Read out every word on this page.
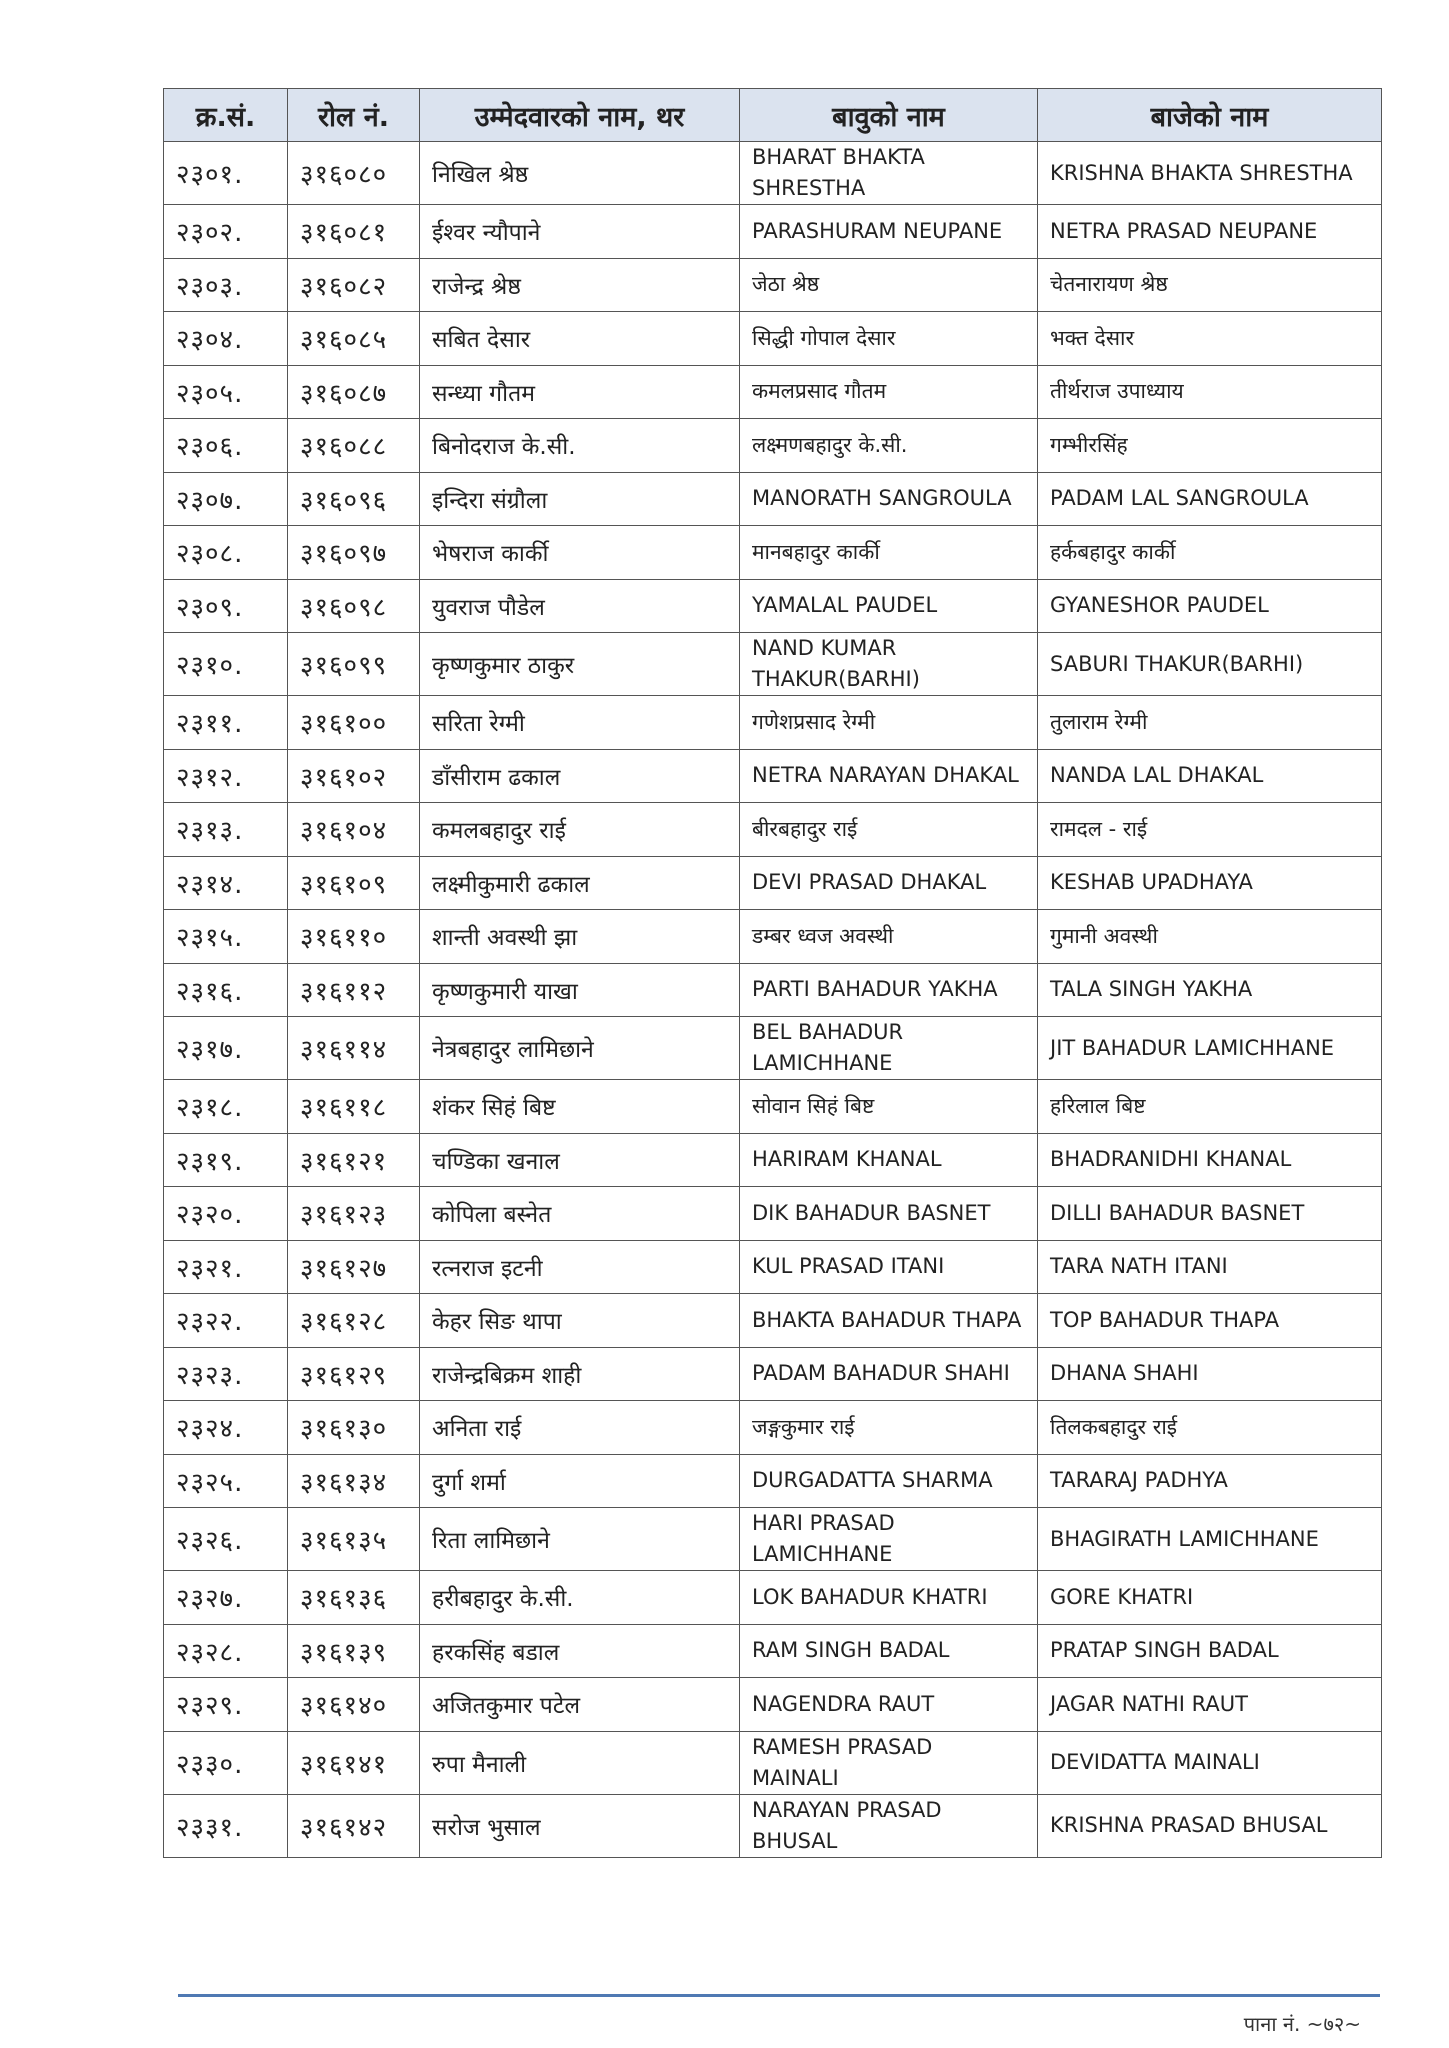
क्र.सं.	रोल नं.	उम्मेदवारको नाम, थर	बावुको नाम	बाजेको नाम
२३०१.	३१६०८०	निखिल श्रेष्ठ	BHARAT BHAKTA SHRESTHA	KRISHNA BHAKTA SHRESTHA
२३०२.	३१६०८१	ईश्वर न्यौपाने	PARASHURAM NEUPANE	NETRA PRASAD NEUPANE
२३०३.	३१६०८२	राजेन्द्र श्रेष्ठ	जेठा श्रेष्ठ	चेतनारायण श्रेष्ठ
२३०४.	३१६०८५	सबित देसार	सिद्धी गोपाल देसार	भक्त देसार
२३०५.	३१६०८७	सन्ध्या गौतम	कमलप्रसाद गौतम	तीर्थराज उपाध्याय
२३०६.	३१६०८८	बिनोदराज के.सी.	लक्ष्मणबहादुर के.सी.	गम्भीरसिंह
२३०७.	३१६०९६	इन्दिरा संग्रौला	MANORATH SANGROULA	PADAM LAL SANGROULA
२३०८.	३१६०९७	भेषराज कार्की	मानबहादुर कार्की	हर्कबहादुर कार्की
२३०९.	३१६०९८	युवराज पौडेल	YAMALAL PAUDEL	GYANESHOR PAUDEL
२३१०.	३१६०९९	कृष्णकुमार ठाकुर	NAND KUMAR THAKUR(BARHI)	SABURI THAKUR(BARHI)
२३११.	३१६१००	सरिता रेग्मी	गणेशप्रसाद रेग्मी	तुलाराम रेग्मी
२३१२.	३१६१०२	डाँसीराम ढकाल	NETRA NARAYAN DHAKAL	NANDA LAL DHAKAL
२३१३.	३१६१०४	कमलबहादुर राई	बीरबहादुर राई	रामदल - राई
२३१४.	३१६१०९	लक्ष्मीकुमारी ढकाल	DEVI PRASAD DHAKAL	KESHAB UPADHAYA
२३१५.	३१६११०	शान्ती अवस्थी झा	डम्बर ध्वज अवस्थी	गुमानी अवस्थी
२३१६.	३१६११२	कृष्णकुमारी याखा	PARTI BAHADUR YAKHA	TALA SINGH YAKHA
२३१७.	३१६११४	नेत्रबहादुर लामिछाने	BEL BAHADUR LAMICHHANE	JIT BAHADUR LAMICHHANE
२३१८.	३१६११८	शंकर सिहं बिष्ट	सोवान सिहं बिष्ट	हरिलाल बिष्ट
२३१९.	३१६१२१	चण्डिका खनाल	HARIRAM KHANAL	BHADRANIDHI KHANAL
२३२०.	३१६१२३	कोपिला बस्नेत	DIK BAHADUR BASNET	DILLI BAHADUR BASNET
२३२१.	३१६१२७	रत्नराज इटनी	KUL PRASAD ITANI	TARA NATH ITANI
२३२२.	३१६१२८	केहर सिङ थापा	BHAKTA BAHADUR THAPA	TOP BAHADUR THAPA
२३२३.	३१६१२९	राजेन्द्रबिक्रम शाही	PADAM BAHADUR SHAHI	DHANA SHAHI
२३२४.	३१६१३०	अनिता राई	जङ्गकुमार राई	तिलकबहादुर राई
२३२५.	३१६१३४	दुर्गा शर्मा	DURGADATTA SHARMA	TARARAJ PADHYA
२३२६.	३१६१३५	रिता लामिछाने	HARI PRASAD LAMICHHANE	BHAGIRATH LAMICHHANE
२३२७.	३१६१३६	हरीबहादुर के.सी.	LOK BAHADUR KHATRI	GORE KHATRI
२३२८.	३१६१३९	हरकसिंह बडाल	RAM SINGH BADAL	PRATAP SINGH BADAL
२३२९.	३१६१४०	अजितकुमार पटेल	NAGENDRA RAUT	JAGAR NATHI RAUT
२३३०.	३१६१४१	रुपा मैनाली	RAMESH PRASAD MAINALI	DEVIDATTA MAINALI
२३३१.	३१६१४२	सरोज भुसाल	NARAYAN PRASAD BHUSAL	KRISHNA PRASAD BHUSAL
पाना नं. ~७२~
